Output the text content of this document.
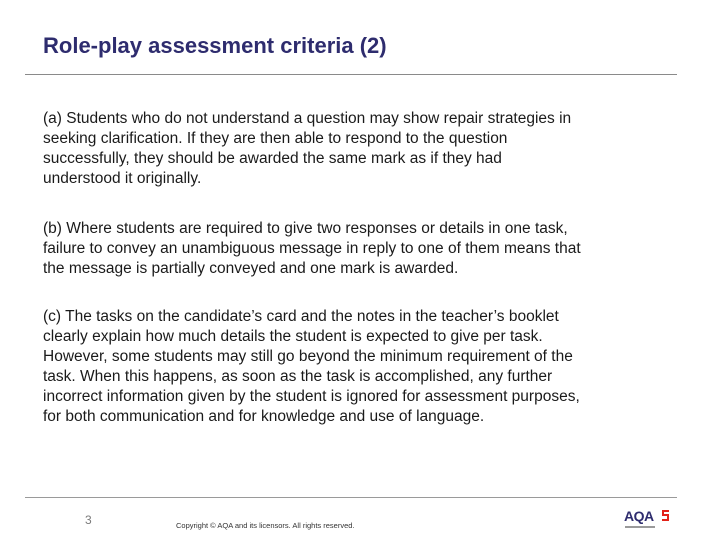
Role-play assessment criteria (2)

(a) Students who do not understand a question may show repair strategies in
seeking clarification. If they are then able to respond to the question
successfully, they should be awarded the same mark as if they had
understood it originally.

(b) Where students are required to give two responses or details in one task,
failure to convey an unambiguous message in reply to one of them means that
the message is partially conveyed and one mark is awarded.

(c) The tasks on the candidate’s card and the notes in the teacher’s booklet
clearly explain how much details the student is expected to give per task.
However, some students may still go beyond the minimum requirement of the
task. When this happens, as soon as the task is accomplished, any further
incorrect information given by the student is ignored for assessment purposes,
for both communication and for knowledge and use of language.

3	Copyright © AQA and its licensors. All rights reserved.
AQA
